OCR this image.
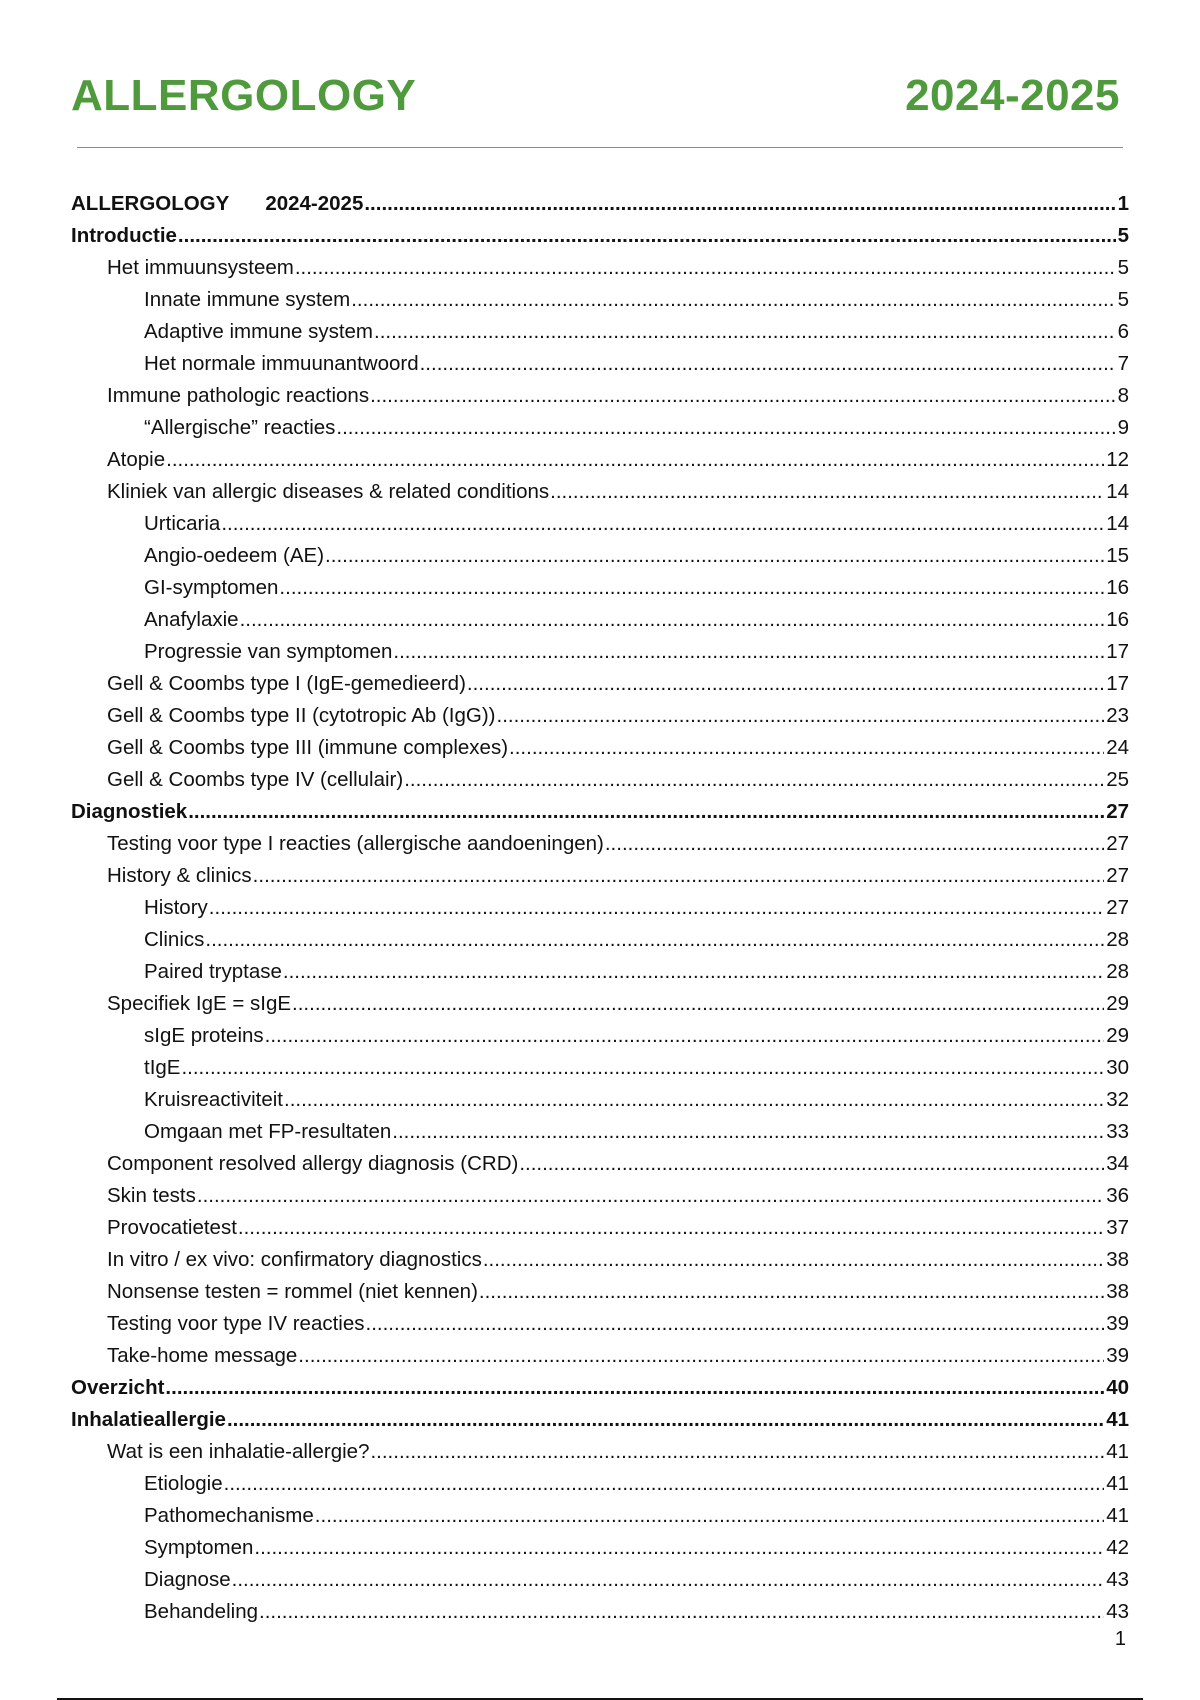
ALLERGOLOGY	2024-2025
ALLERGOLOGY 2024-2025 .....	1
Introductie .....	5
Het immuunsysteem .....	5
Innate immune system .....	5
Adaptive immune system .....	6
Het normale immuunantwoord .....	7
Immune pathologic reactions .....	8
“Allergische” reacties .....	9
Atopie .....	12
Kliniek van allergic diseases & related conditions .....	14
Urticaria .....	14
Angio-oedeem (AE) .....	15
GI-symptomen .....	16
Anafylaxie .....	16
Progressie van symptomen .....	17
Gell & Coombs type I (IgE-gemedieerd) .....	17
Gell & Coombs type II (cytotropic Ab (IgG)) .....	23
Gell & Coombs type III (immune complexes) .....	24
Gell & Coombs type IV (cellulair) .....	25
Diagnostiek .....	27
Testing voor type I reacties (allergische aandoeningen) .....	27
History & clinics .....	27
History .....	27
Clinics .....	28
Paired tryptase .....	28
Specifiek IgE = sIgE .....	29
sIgE proteins .....	29
tIgE .....	30
Kruisreactiviteit .....	32
Omgaan met FP-resultaten .....	33
Component resolved allergy diagnosis (CRD) .....	34
Skin tests .....	36
Provocatietest .....	37
In vitro / ex vivo: confirmatory diagnostics .....	38
Nonsense testen = rommel (niet kennen) .....	38
Testing voor type IV reacties .....	39
Take-home message .....	39
Overzicht .....	40
Inhalatieallergie .....	41
Wat is een inhalatie-allergie? .....	41
Etiologie .....	41
Pathomechanisme .....	41
Symptomen .....	42
Diagnose .....	43
Behandeling .....	43
1
